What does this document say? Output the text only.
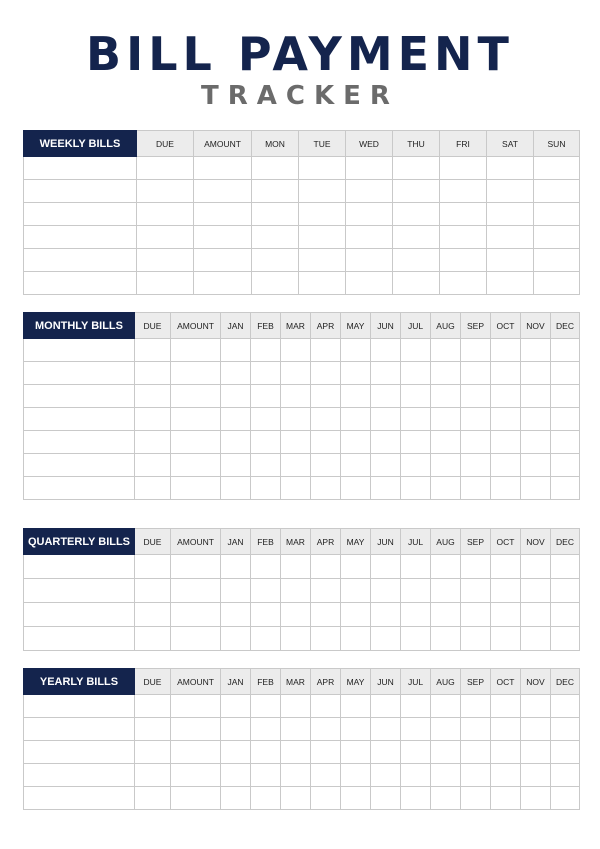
BILL PAYMENT
TRACKER
WEEKLY BILLS	DUE	AMOUNT	MON	TUE	WED	THU	FRI	SAT	SUN

MONTHLY BILLS	DUE	AMOUNT	JAN	FEB	MAR	APR	MAY	JUN	JUL	AUG	SEP	OCT	NOV	DEC

QUARTERLY BILLS	DUE	AMOUNT	JAN	FEB	MAR	APR	MAY	JUN	JUL	AUG	SEP	OCT	NOV	DEC

YEARLY BILLS	DUE	AMOUNT	JAN	FEB	MAR	APR	MAY	JUN	JUL	AUG	SEP	OCT	NOV	DEC
